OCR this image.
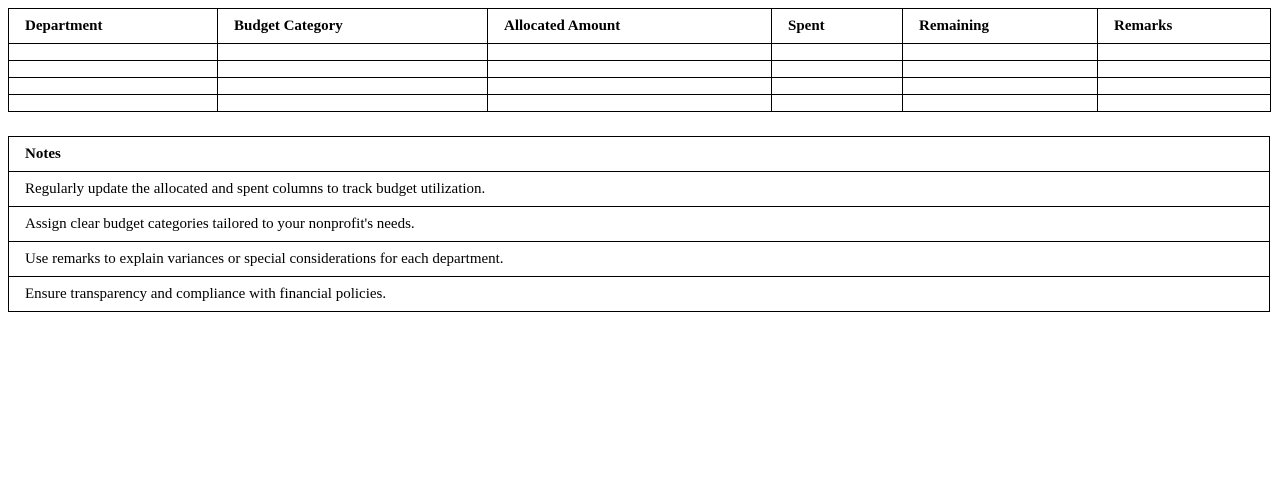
Department	Budget Category	Allocated Amount	Spent	Remaining	Remarks

Notes
Regularly update the allocated and spent columns to track budget utilization.
Assign clear budget categories tailored to your nonprofit's needs.
Use remarks to explain variances or special considerations for each department.
Ensure transparency and compliance with financial policies.
